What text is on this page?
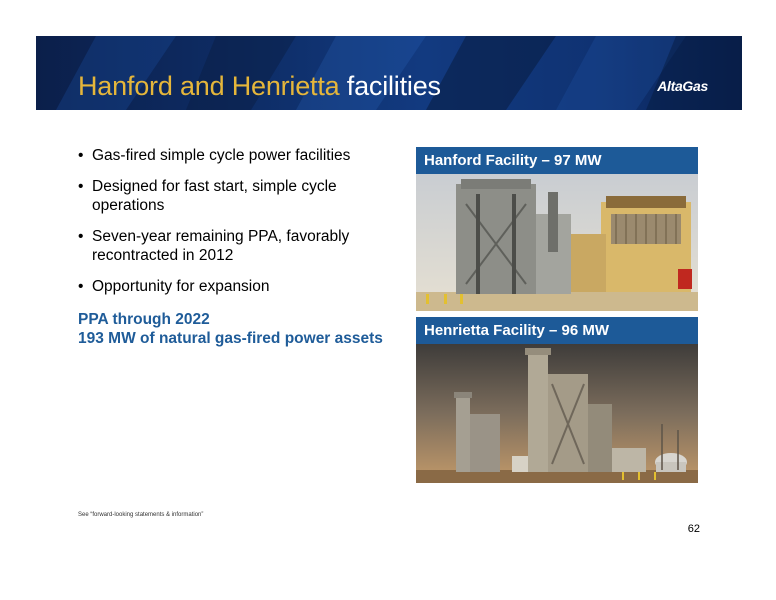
Hanford and Henrietta facilities	AltaGas
• Gas-fired simple cycle power facilities
• Designed for fast start, simple cycle operations
• Seven-year remaining PPA, favorably recontracted in 2012
• Opportunity for expansion
PPA through 2022
193 MW of natural gas-fired power assets
Hanford Facility – 97 MW
Henrietta Facility – 96 MW
See “forward-looking statements & information”
62
